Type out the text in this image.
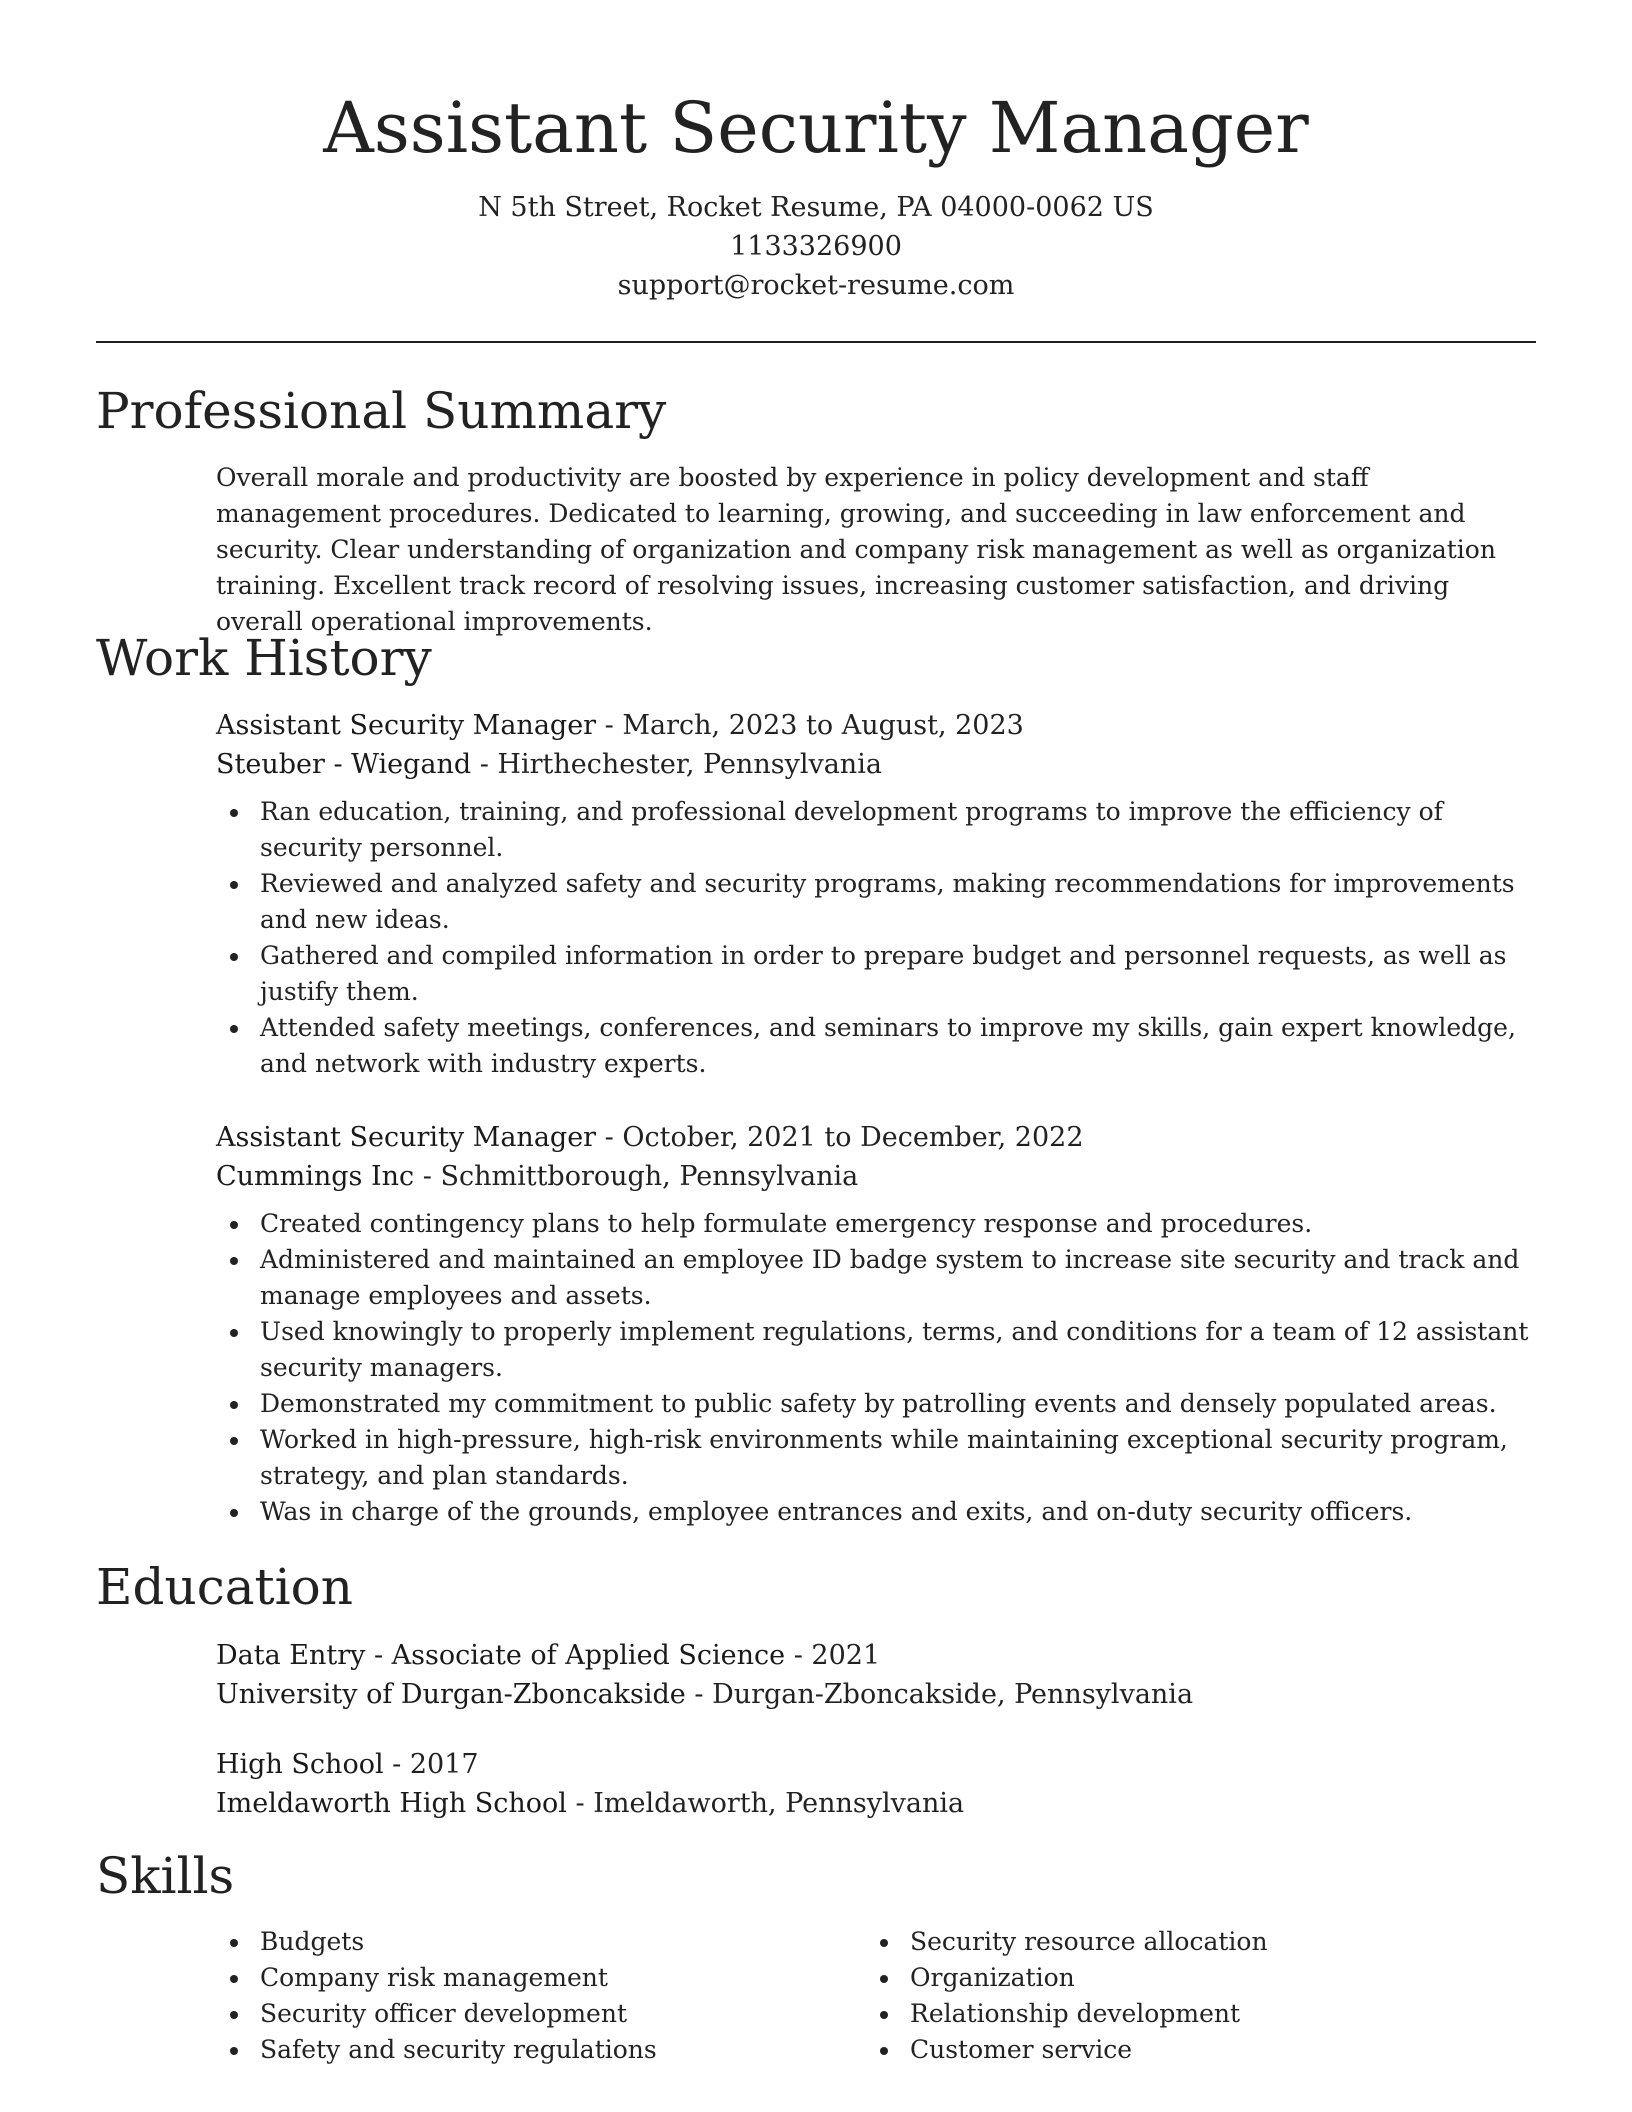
Assistant Security Manager
N 5th Street, Rocket Resume, PA 04000-0062 US
1133326900
support@rocket-resume.com
Professional Summary

Overall morale and productivity are boosted by experience in policy development and staff management procedures. Dedicated to learning, growing, and succeeding in law enforcement and security. Clear understanding of organization and company risk management as well as organization training. Excellent track record of resolving issues, increasing customer satisfaction, and driving overall operational improvements.

Work History
Assistant Security Manager - March, 2023 to August, 2023
Steuber - Wiegand - Hirthechester, Pennsylvania
Ran education, training, and professional development programs to improve the efficiency of security personnel.
Reviewed and analyzed safety and security programs, making recommendations for improvements and new ideas.
Gathered and compiled information in order to prepare budget and personnel requests, as well as justify them.
Attended safety meetings, conferences, and seminars to improve my skills, gain expert knowledge, and network with industry experts.
Assistant Security Manager - October, 2021 to December, 2022
Cummings Inc - Schmittborough, Pennsylvania
Created contingency plans to help formulate emergency response and procedures.
Administered and maintained an employee ID badge system to increase site security and track and manage employees and assets.
Used knowingly to properly implement regulations, terms, and conditions for a team of 12 assistant security managers.
Demonstrated my commitment to public safety by patrolling events and densely populated areas.
Worked in high-pressure, high-risk environments while maintaining exceptional security program, strategy, and plan standards.
Was in charge of the grounds, employee entrances and exits, and on-duty security officers.
Education
Data Entry - Associate of Applied Science - 2021
University of Durgan-Zboncakside - Durgan-Zboncakside, Pennsylvania
High School - 2017
Imeldaworth High School - Imeldaworth, Pennsylvania
Skills
Budgets
Company risk management
Security officer development
Safety and security regulations
Security resource allocation
Organization
Relationship development
Customer service
